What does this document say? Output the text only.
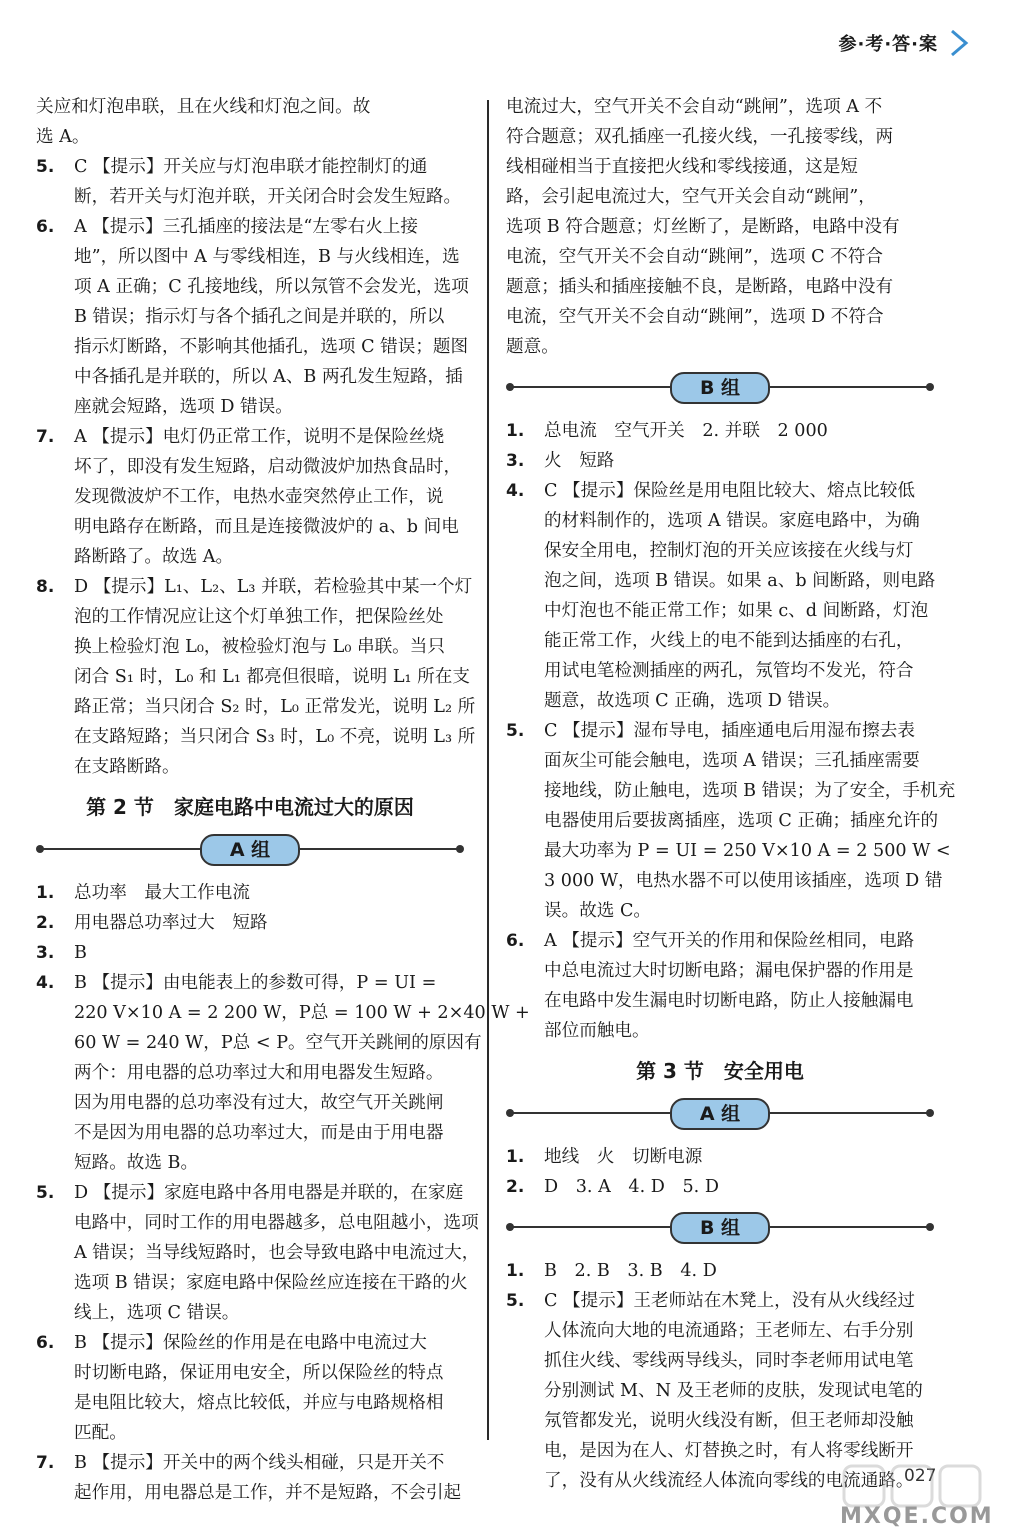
参·考·答·案
关应和灯泡串联，且在火线和灯泡之间。故
选 A。
5.	C 【提示】开关应与灯泡串联才能控制灯的通
断，若开关与灯泡并联，开关闭合时会发生短路。
6.	A 【提示】三孔插座的接法是“左零右火上接
地”，所以图中 A 与零线相连，B 与火线相连，选
项 A 正确；C 孔接地线，所以氖管不会发光，选项
B 错误；指示灯与各个插孔之间是并联的，所以
指示灯断路，不影响其他插孔，选项 C 错误；题图
中各插孔是并联的，所以 A、B 两孔发生短路，插
座就会短路，选项 D 错误。
7.	A 【提示】电灯仍正常工作，说明不是保险丝烧
坏了，即没有发生短路，启动微波炉加热食品时，
发现微波炉不工作，电热水壶突然停止工作，说
明电路存在断路，而且是连接微波炉的 a、b 间电
路断路了。故选 A。
8.	D 【提示】L₁、L₂、L₃ 并联，若检验其中某一个灯
泡的工作情况应让这个灯单独工作，把保险丝处
换上检验灯泡 L₀，被检验灯泡与 L₀ 串联。当只
闭合 S₁ 时，L₀ 和 L₁ 都亮但很暗，说明 L₁ 所在支
路正常；当只闭合 S₂ 时，L₀ 正常发光，说明 L₂ 所
在支路短路；当只闭合 S₃ 时，L₀ 不亮，说明 L₃ 所
在支路断路。
第 2 节　家庭电路中电流过大的原因
A 组
1.	总功率　最大工作电流
2.	用电器总功率过大　短路
3.	B
4.	B 【提示】由电能表上的参数可得，P = UI =
220 V×10 A = 2 200 W，P总 = 100 W + 2×40 W +
60 W = 240 W，P总 < P。空气开关跳闸的原因有
两个：用电器的总功率过大和用电器发生短路。
因为用电器的总功率没有过大，故空气开关跳闸
不是因为用电器的总功率过大，而是由于用电器
短路。故选 B。
5.	D 【提示】家庭电路中各用电器是并联的，在家庭
电路中，同时工作的用电器越多，总电阻越小，选项
A 错误；当导线短路时，也会导致电路中电流过大，
选项 B 错误；家庭电路中保险丝应连接在干路的火
线上，选项 C 错误。
6.	B 【提示】保险丝的作用是在电路中电流过大
时切断电路，保证用电安全，所以保险丝的特点
是电阻比较大，熔点比较低，并应与电路规格相
匹配。
7.	B 【提示】开关中的两个线头相碰，只是开关不
起作用，用电器总是工作，并不是短路，不会引起
电流过大，空气开关不会自动“跳闸”，选项 A 不
符合题意；双孔插座一孔接火线，一孔接零线，两
线相碰相当于直接把火线和零线接通，这是短
路，会引起电流过大，空气开关会自动“跳闸”，
选项 B 符合题意；灯丝断了，是断路，电路中没有
电流，空气开关不会自动“跳闸”，选项 C 不符合
题意；插头和插座接触不良，是断路，电路中没有
电流，空气开关不会自动“跳闸”，选项 D 不符合
题意。
B 组
1.	总电流　空气开关　2. 并联　2 000
3.	火　短路
4.	C 【提示】保险丝是用电阻比较大、熔点比较低
的材料制作的，选项 A 错误。家庭电路中，为确
保安全用电，控制灯泡的开关应该接在火线与灯
泡之间，选项 B 错误。如果 a、b 间断路，则电路
中灯泡也不能正常工作；如果 c、d 间断路，灯泡
能正常工作，火线上的电不能到达插座的右孔，
用试电笔检测插座的两孔，氖管均不发光，符合
题意，故选项 C 正确，选项 D 错误。
5.	C 【提示】湿布导电，插座通电后用湿布擦去表
面灰尘可能会触电，选项 A 错误；三孔插座需要
接地线，防止触电，选项 B 错误；为了安全，手机充
电器使用后要拔离插座，选项 C 正确；插座允许的
最大功率为 P = UI = 250 V×10 A = 2 500 W <
3 000 W，电热水器不可以使用该插座，选项 D 错
误。故选 C。
6.	A 【提示】空气开关的作用和保险丝相同，电路
中总电流过大时切断电路；漏电保护器的作用是
在电路中发生漏电时切断电路，防止人接触漏电
部位而触电。
第 3 节　安全用电
A 组
1.	地线　火　切断电源
2.	D　3. A　4. D　5. D
B 组
1.	B　2. B　3. B　4. D
5.	C 【提示】王老师站在木凳上，没有从火线经过
人体流向大地的电流通路；王老师左、右手分别
抓住火线、零线两导线头，同时李老师用试电笔
分别测试 M、N 及王老师的皮肤，发现试电笔的
氖管都发光，说明火线没有断，但王老师却没触
电，是因为在人、灯替换之时，有人将零线断开
了，没有从火线流经人体流向零线的电流通路。
027
MXQE.COM
